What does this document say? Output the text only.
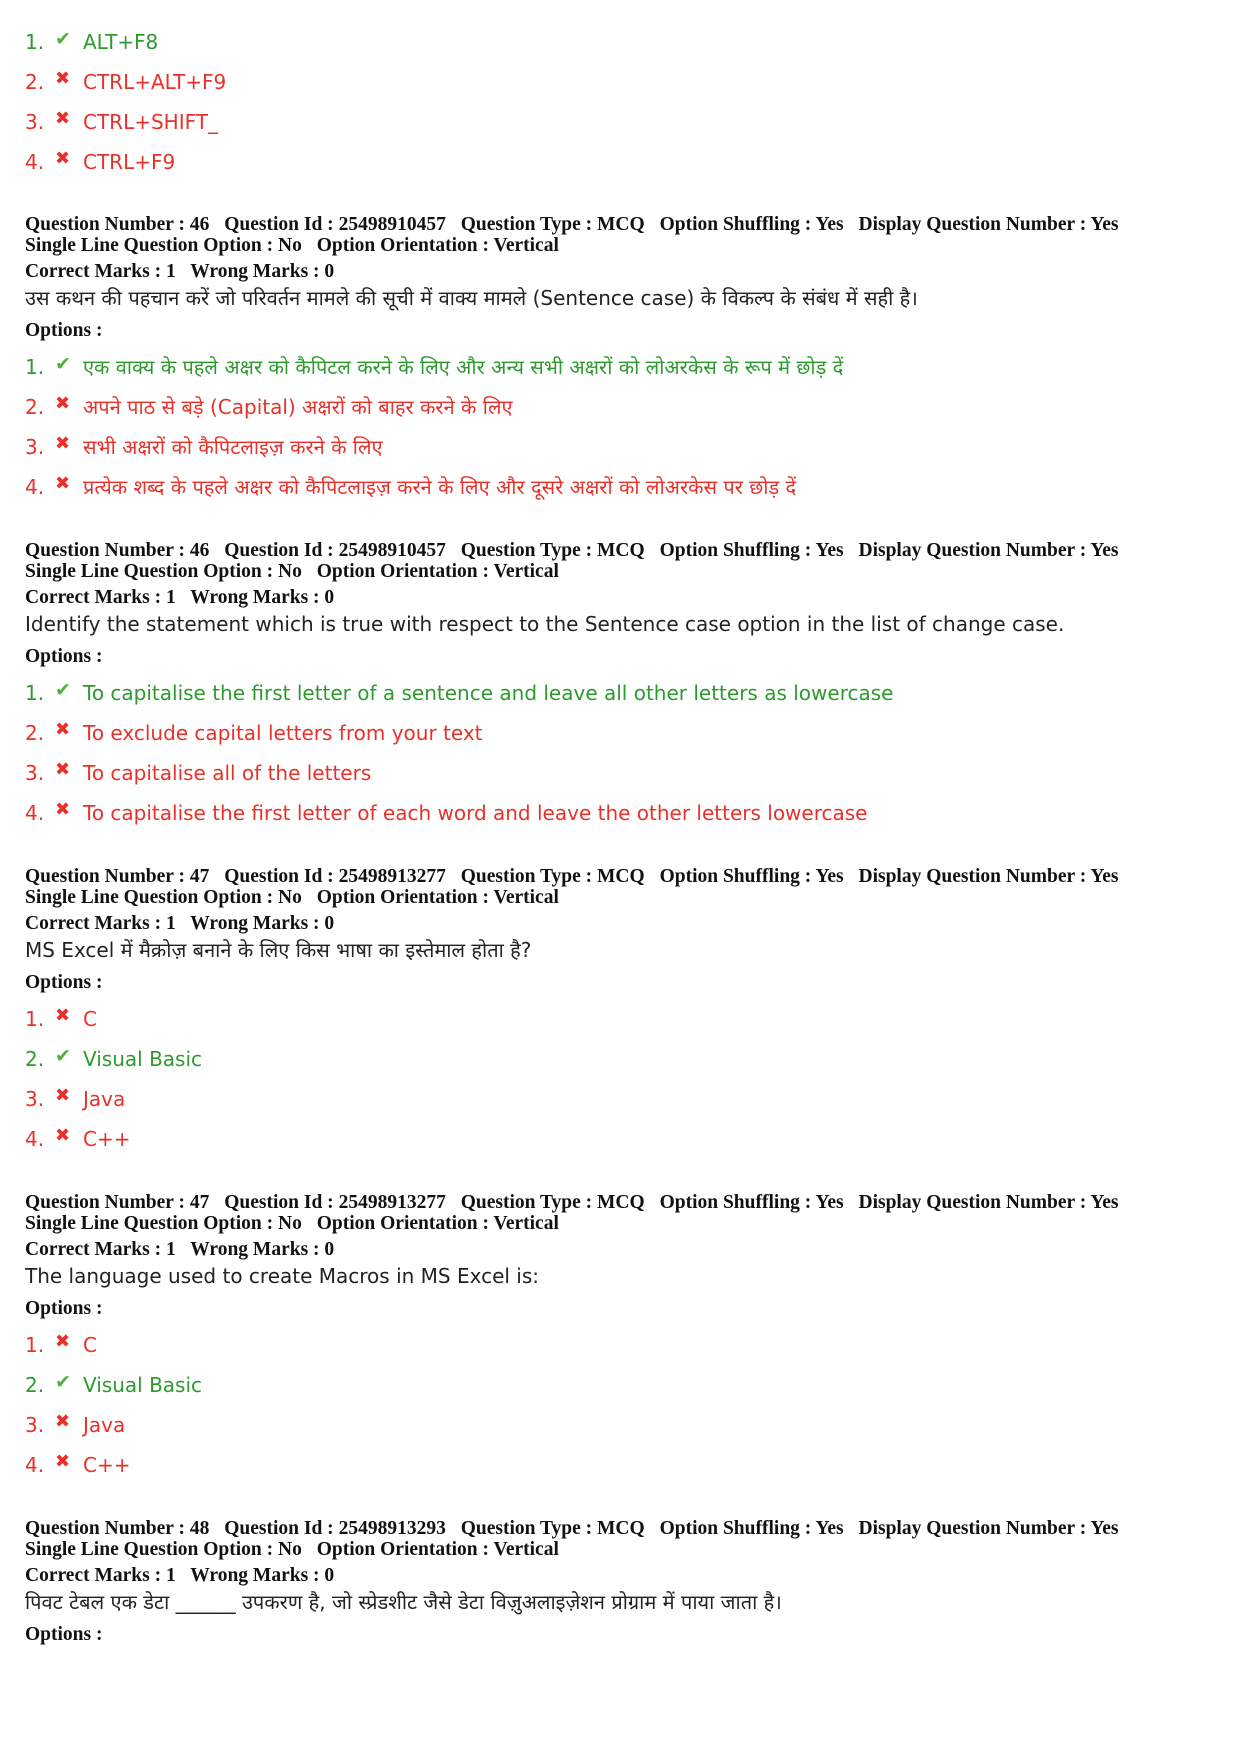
1. ✔ ALT+F8
2. ✖ CTRL+ALT+F9
3. ✖ CTRL+SHIFT_
4. ✖ CTRL+F9
Question Number : 46 Question Id : 25498910457 Question Type : MCQ Option Shuffling : Yes Display Question Number : Yes
Single Line Question Option : No Option Orientation : Vertical
Correct Marks : 1 Wrong Marks : 0
उस कथन की पहचान करें जो परिवर्तन मामले की सूची में वाक्य मामले (Sentence case) के विकल्प के संबंध में सही है।
Options :
1. ✔ एक वाक्य के पहले अक्षर को कैपिटल करने के लिए और अन्य सभी अक्षरों को लोअरकेस के रूप में छोड़ दें
2. ✖ अपने पाठ से बड़े (Capital) अक्षरों को बाहर करने के लिए
3. ✖ सभी अक्षरों को कैपिटलाइज़ करने के लिए
4. ✖ प्रत्येक शब्द के पहले अक्षर को कैपिटलाइज़ करने के लिए और दूसरे अक्षरों को लोअरकेस पर छोड़ दें
Question Number : 46 Question Id : 25498910457 Question Type : MCQ Option Shuffling : Yes Display Question Number : Yes
Single Line Question Option : No Option Orientation : Vertical
Correct Marks : 1 Wrong Marks : 0
Identify the statement which is true with respect to the Sentence case option in the list of change case.
Options :
1. ✔ To capitalise the first letter of a sentence and leave all other letters as lowercase
2. ✖ To exclude capital letters from your text
3. ✖ To capitalise all of the letters
4. ✖ To capitalise the first letter of each word and leave the other letters lowercase
Question Number : 47 Question Id : 25498913277 Question Type : MCQ Option Shuffling : Yes Display Question Number : Yes
Single Line Question Option : No Option Orientation : Vertical
Correct Marks : 1 Wrong Marks : 0
MS Excel में मैक्रोज़ बनाने के लिए किस भाषा का इस्तेमाल होता है?
Options :
1. ✖ C
2. ✔ Visual Basic
3. ✖ Java
4. ✖ C++
Question Number : 47 Question Id : 25498913277 Question Type : MCQ Option Shuffling : Yes Display Question Number : Yes
Single Line Question Option : No Option Orientation : Vertical
Correct Marks : 1 Wrong Marks : 0
The language used to create Macros in MS Excel is:
Options :
1. ✖ C
2. ✔ Visual Basic
3. ✖ Java
4. ✖ C++
Question Number : 48 Question Id : 25498913293 Question Type : MCQ Option Shuffling : Yes Display Question Number : Yes
Single Line Question Option : No Option Orientation : Vertical
Correct Marks : 1 Wrong Marks : 0
पिवट टेबल एक डेटा ______ उपकरण है, जो स्प्रेडशीट जैसे डेटा विज़ुअलाइज़ेशन प्रोग्राम में पाया जाता है।
Options :
